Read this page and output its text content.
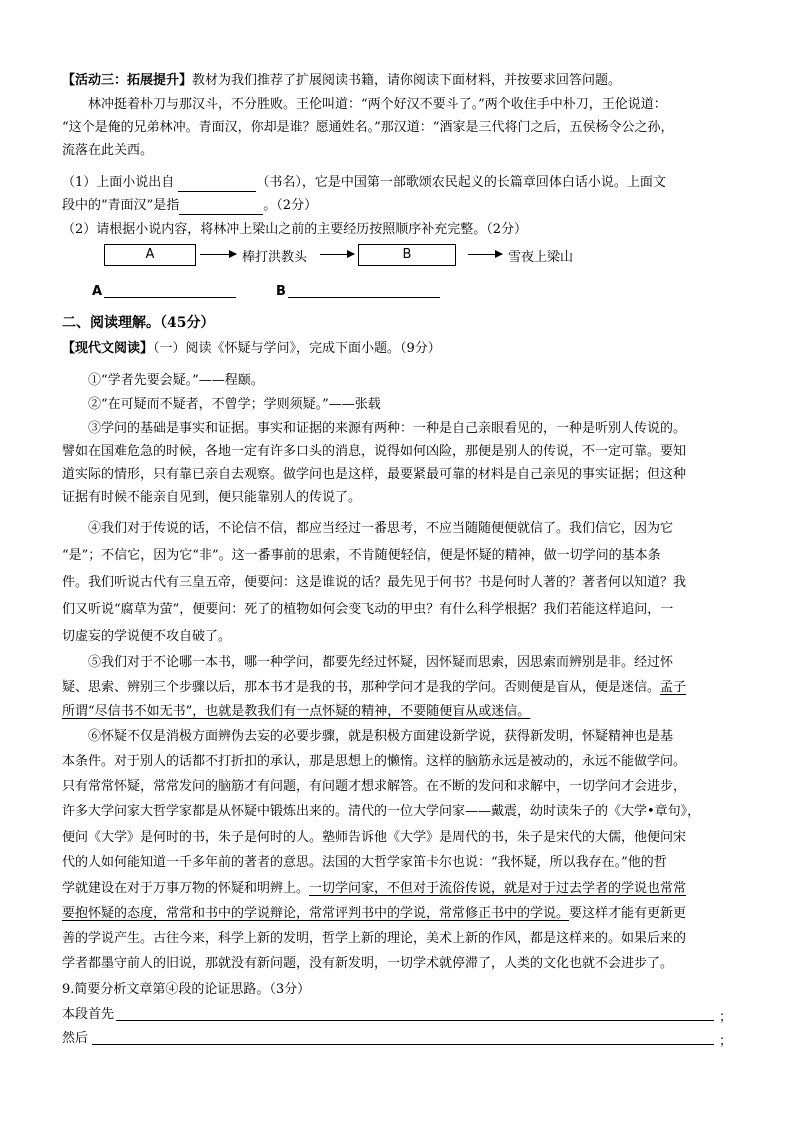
【活动三：拓展提升】教材为我们推荐了扩展阅读书籍，请你阅读下面材料，并按要求回答问题。
林冲挺着朴刀与那汉斗，不分胜败。王伦叫道：“两个好汉不要斗了。”两个收住手中朴刀，王伦说道：
“这个是俺的兄弟林冲。青面汉，你却是谁？愿通姓名。”那汉道：“酒家是三代将门之后，五侯杨令公之孙，
流落在此关西。
（1）上面小说出自	（书名），它是中国第一部歌颂农民起义的长篇章回体白话小说。上面文
段中的“青面汉”是指	。（2分）
（2）请根据小说内容，将林冲上梁山之前的主要经历按照顺序补充完整。（2分）
A	棒打洪教头	B	雪夜上梁山
A	B
二、阅读理解。（45分）
【现代文阅读】（一）阅读《怀疑与学问》，完成下面小题。（9分）
①“学者先要会疑。”——程颐。
②“在可疑而不疑者，不曾学；学则须疑。”——张载
③学问的基础是事实和证据。事实和证据的来源有两种：一种是自己亲眼看见的，一种是听别人传说的。
譬如在国难危急的时候，各地一定有许多口头的消息，说得如何凶险，那便是别人的传说，不一定可靠。要知
道实际的情形，只有靠已亲自去观察。做学问也是这样，最要紧最可靠的材料是自己亲见的事实证据；但这种
证据有时候不能亲自见到，便只能靠别人的传说了。
④我们对于传说的话，不论信不信，都应当经过一番思考，不应当随随便便就信了。我们信它，因为它
“是”；不信它，因为它“非”。这一番事前的思索，不肯随便轻信，便是怀疑的精神，做一切学问的基本条
件。我们听说古代有三皇五帝，便要问：这是谁说的话？最先见于何书？书是何时人著的？著者何以知道？我
们又听说“腐草为萤”，便要问：死了的植物如何会变飞动的甲虫？有什么科学根据？我们若能这样追问，一
切虚妄的学说便不攻自破了。
⑤我们对于不论哪一本书，哪一种学问，都要先经过怀疑，因怀疑而思索，因思索而辨别是非。经过怀
疑、思索、辨别三个步骤以后，那本书才是我的书，那种学问才是我的学问。否则便是盲从，便是迷信。孟子
所谓“尽信书不如无书”，也就是教我们有一点怀疑的精神，不要随便盲从或迷信。
⑥怀疑不仅是消极方面辨伪去妄的必要步骤，就是积极方面建设新学说，获得新发明，怀疑精神也是基
本条件。对于别人的话都不打折扣的承认，那是思想上的懒惰。这样的脑筋永远是被动的，永远不能做学问。
只有常常怀疑，常常发问的脑筋才有问题，有问题才想求解答。在不断的发问和求解中，一切学问才会进步，
许多大学问家大哲学家都是从怀疑中锻炼出来的。清代的一位大学问家——戴震，幼时读朱子的《大学•章句》，
便问《大学》是何时的书，朱子是何时的人。塾师告诉他《大学》是周代的书，朱子是宋代的大儒，他便问宋
代的人如何能知道一千多年前的著者的意思。法国的大哲学家笛卡尔也说：“我怀疑，所以我存在。”他的哲
学就建设在对于万事万物的怀疑和明辨上。一切学问家，不但对于流俗传说，就是对于过去学者的学说也常常
要抱怀疑的态度，常常和书中的学说辩论，常常评判书中的学说，常常修正书中的学说。要这样才能有更新更
善的学说产生。古往今来，科学上新的发明，哲学上新的理论，美术上新的作风，都是这样来的。如果后来的
学者都墨守前人的旧说，那就没有新问题，没有新发明，一切学术就停滞了，人类的文化也就不会进步了。
9.简要分析文章第④段的论证思路。（3分）
本段首先	；
然后	；
